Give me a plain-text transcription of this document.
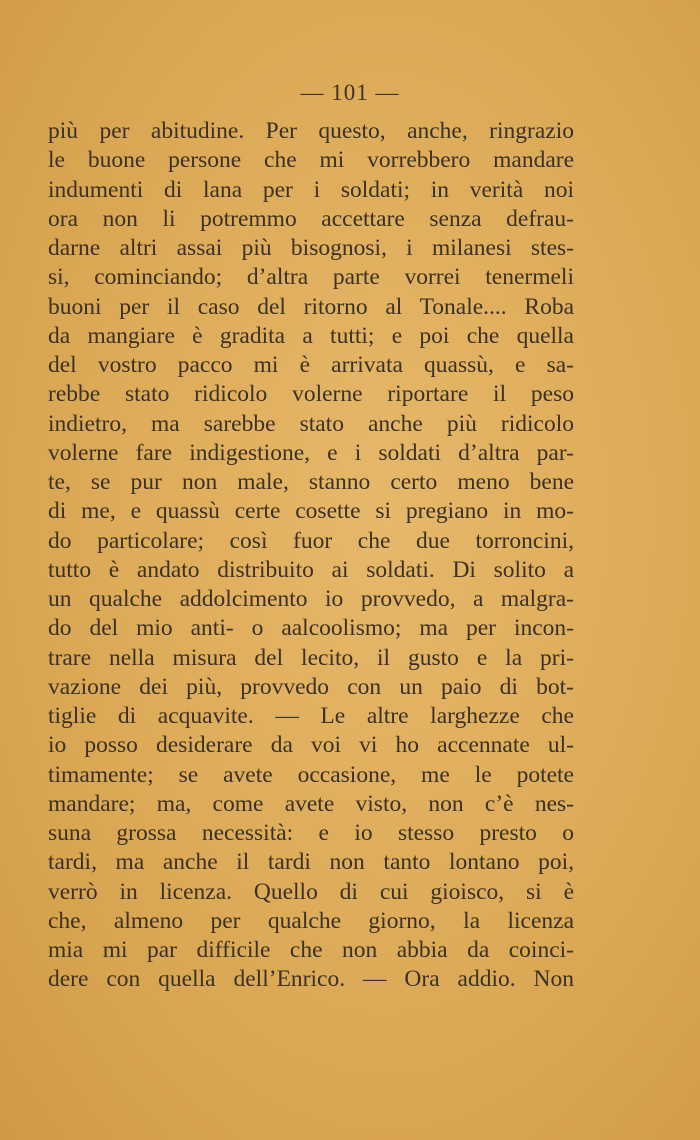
— 101 —
più per abitudine. Per questo, anche, ringrazio
le buone persone che mi vorrebbero mandare
indumenti di lana per i soldati; in verità noi
ora non li potremmo accettare senza defrau-
darne altri assai più bisognosi, i milanesi stes-
si, cominciando; d’altra parte vorrei tenermeli
buoni per il caso del ritorno al Tonale.... Roba
da mangiare è gradita a tutti; e poi che quella
del vostro pacco mi è arrivata quassù, e sa-
rebbe stato ridicolo volerne riportare il peso
indietro, ma sarebbe stato anche più ridicolo
volerne fare indigestione, e i soldati d’altra par-
te, se pur non male, stanno certo meno bene
di me, e quassù certe cosette si pregiano in mo-
do particolare; così fuor che due torroncini,
tutto è andato distribuito ai soldati. Di solito a
un qualche addolcimento io provvedo, a malgra-
do del mio anti- o aalcoolismo; ma per incon-
trare nella misura del lecito, il gusto e la pri-
vazione dei più, provvedo con un paio di bot-
tiglie di acquavite. — Le altre larghezze che
io posso desiderare da voi vi ho accennate ul-
timamente; se avete occasione, me le potete
mandare; ma, come avete visto, non c’è nes-
suna grossa necessità: e io stesso presto o
tardi, ma anche il tardi non tanto lontano poi,
verrò in licenza. Quello di cui gioisco, si è
che, almeno per qualche giorno, la licenza
mia mi par difficile che non abbia da coinci-
dere con quella dell’Enrico. — Ora addio. Non
